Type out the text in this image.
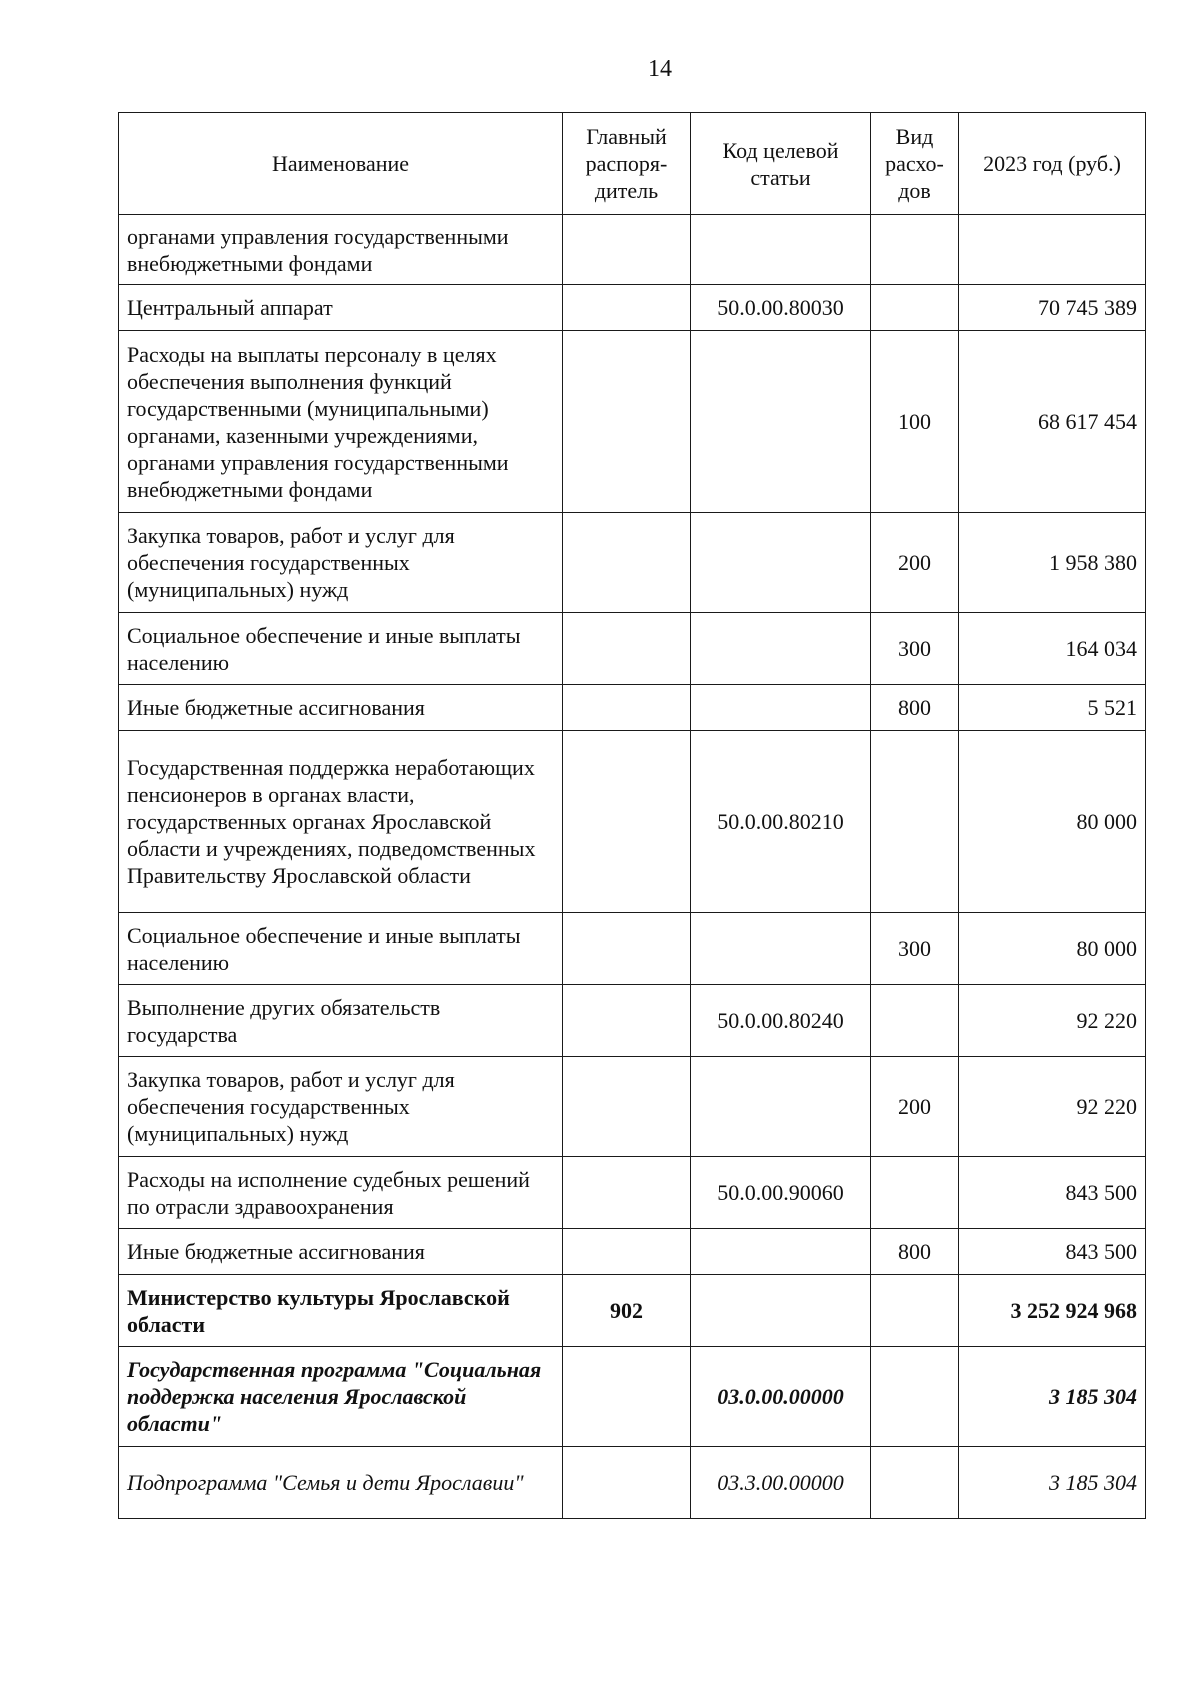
14
Наименование	Главный распоря-дитель	Код целевой статьи	Вид расхо-дов	2023 год (руб.)
органами управления государственными внебюджетными фондами				
Центральный аппарат		50.0.00.80030		70 745 389
Расходы на выплаты персоналу в целях обеспечения выполнения функций государственными (муниципальными) органами, казенными учреждениями, органами управления государственными внебюджетными фондами			100	68 617 454
Закупка товаров, работ и услуг для обеспечения государственных (муниципальных) нужд			200	1 958 380
Социальное обеспечение и иные выплаты населению			300	164 034
Иные бюджетные ассигнования			800	5 521
Государственная поддержка неработающих пенсионеров в органах власти, государственных органах Ярославской области и учреждениях, подведомственных Правительству Ярославской области		50.0.00.80210		80 000
Социальное обеспечение и иные выплаты населению			300	80 000
Выполнение других обязательств государства		50.0.00.80240		92 220
Закупка товаров, работ и услуг для обеспечения государственных (муниципальных) нужд			200	92 220
Расходы на исполнение судебных решений по отрасли здравоохранения		50.0.00.90060		843 500
Иные бюджетные ассигнования			800	843 500
Министерство культуры Ярославской области	902			3 252 924 968
Государственная программа "Социальная поддержка населения Ярославской области"		03.0.00.00000		3 185 304
Подпрограмма "Семья и дети Ярославии"		03.3.00.00000		3 185 304
